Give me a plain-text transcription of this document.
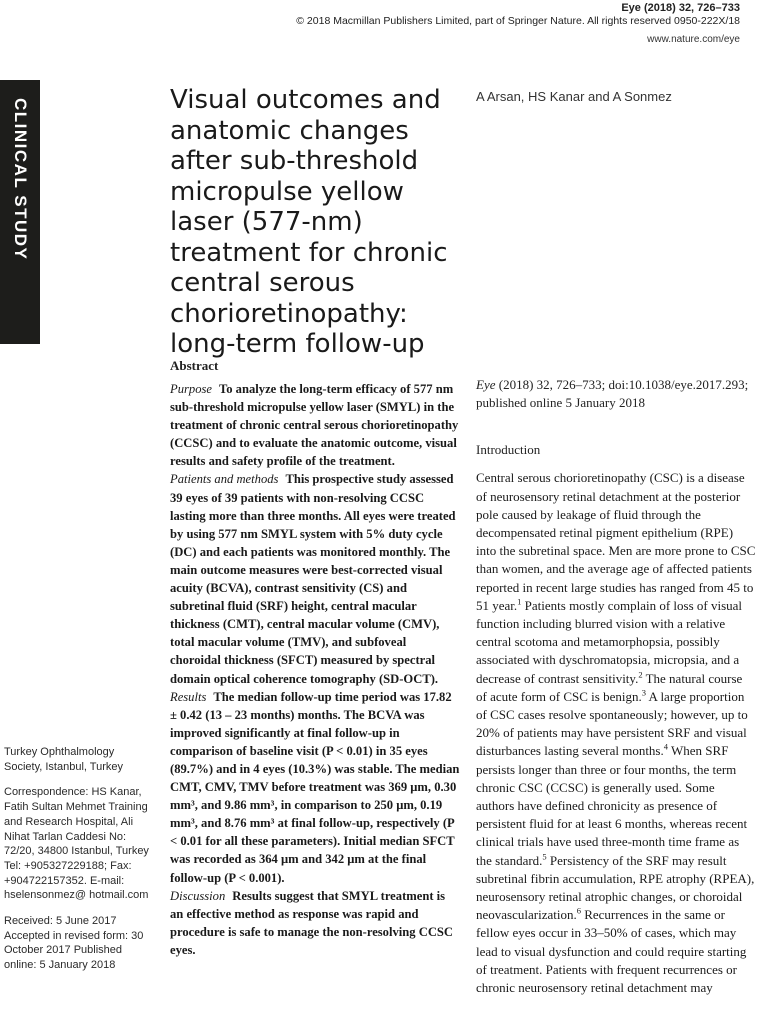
Eye (2018) 32, 726–733
© 2018 Macmillan Publishers Limited, part of Springer Nature. All rights reserved 0950-222X/18
www.nature.com/eye
CLINICAL STUDY	Visual outcomes and anatomic changes after sub-threshold micropulse yellow laser (577-nm) treatment for chronic central serous chorioretinopathy: long-term follow-up
A Arsan, HS Kanar and A Sonmez

Turkey Ophthalmology Society, Istanbul, Turkey

Correspondence: HS Kanar, Fatih Sultan Mehmet Training and Research Hospital, Ali Nihat Tarlan Caddesi No: 72/20, 34800 Istanbul, Turkey Tel: +905327229188; Fax: +904722157352. E-mail: hselensonmez@ hotmail.com

Received: 5 June 2017 Accepted in revised form: 30 October 2017 Published online: 5 January 2018

Abstract

Purpose To analyze the long-term efficacy of 577 nm sub-threshold micropulse yellow laser (SMYL) in the treatment of chronic central serous chorioretinopathy (CCSC) and to evaluate the anatomic outcome, visual results and safety profile of the treatment.

Patients and methods This prospective study assessed 39 eyes of 39 patients with non-resolving CCSC lasting more than three months. All eyes were treated by using 577 nm SMYL system with 5% duty cycle (DC) and each patients was monitored monthly. The main outcome measures were best-corrected visual acuity (BCVA), contrast sensitivity (CS) and subretinal fluid (SRF) height, central macular thickness (CMT), central macular volume (CMV), total macular volume (TMV), and subfoveal choroidal thickness (SFCT) measured by spectral domain optical coherence tomography (SD-OCT).

Results The median follow-up time period was 17.82 ± 0.42 (13 – 23 months) months. The BCVA was improved significantly at final follow-up in comparison of baseline visit (P < 0.01) in 35 eyes (89.7%) and in 4 eyes (10.3%) was stable. The median CMT, CMV, TMV before treatment was 369 μm, 0.30 mm³, and 9.86 mm³, in comparison to 250 μm, 0.19 mm³, and 8.76 mm³ at final follow-up, respectively (P < 0.01 for all these parameters). Initial median SFCT was recorded as 364 μm and 342 μm at the final follow-up (P < 0.001).

Discussion Results suggest that SMYL treatment is an effective method as response was rapid and procedure is safe to manage the non-resolving CCSC eyes.

Eye (2018) 32, 726–733; doi:10.1038/eye.2017.293; published online 5 January 2018

Introduction

Central serous chorioretinopathy (CSC) is a disease of neurosensory retinal detachment at the posterior pole caused by leakage of fluid through the decompensated retinal pigment epithelium (RPE) into the subretinal space. Men are more prone to CSC than women, and the average age of affected patients reported in recent large studies has ranged from 45 to 51 year.$^1$ Patients mostly complain of loss of visual function including blurred vision with a relative central scotoma and metamorphopsia, possibly associated with dyschromatopsia, micropsia, and a decrease of contrast sensitivity.$^2$ The natural course of acute form of CSC is benign.$^3$ A large proportion of CSC cases resolve spontaneously; however, up to 20% of patients may have persistent SRF and visual disturbances lasting several months.$^4$ When SRF persists longer than three or four months, the term chronic CSC (CCSC) is generally used. Some authors have defined chronicity as presence of persistent fluid for at least 6 months, whereas recent clinical trials have used three-month time frame as the standard.$^5$ Persistency of the SRF may result subretinal fibrin accumulation, RPE atrophy (RPEA), neurosensory retinal atrophic changes, or choroidal neovascularization.$^6$ Recurrences in the same or fellow eyes occur in 33–50% of cases, which may lead to visual dysfunction and could require starting of treatment. Patients with frequent recurrences or chronic neurosensory retinal detachment may
